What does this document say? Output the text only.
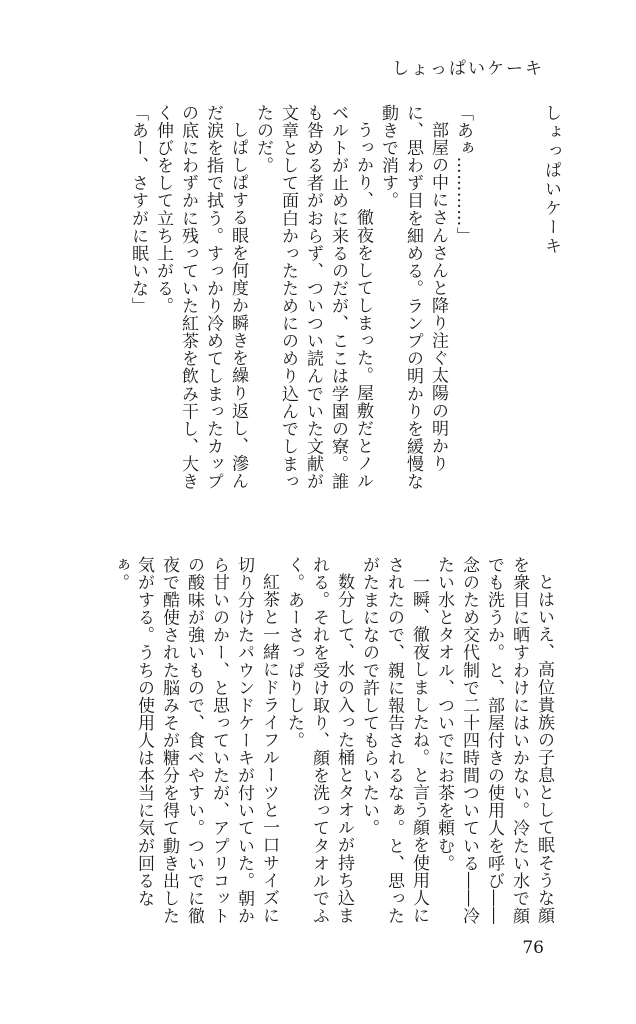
しょっぱいケーキ
しょっぱいケーキ

「あぁ…………」

部屋の中にさんさんと降り注ぐ太陽の明かりに、思わず目を細める。ランプの明かりを緩慢な動きで消す。

うっかり、徹夜をしてしまった。屋敷だとノルベルトが止めに来るのだが、ここは学園の寮。誰も咎める者がおらず、ついつい読んでいた文献が文章として面白かったためにのめり込んでしまったのだ。

しぱしぱする眼を何度か瞬きを繰り返し、滲んだ涙を指で拭う。すっかり冷めてしまったカップの底にわずかに残っていた紅茶を飲み干し、大きく伸びをして立ち上がる。

「あー、さすがに眠いな」

とはいえ、高位貴族の子息として眠そうな顔を衆目に晒すわけにはいかない。冷たい水で顔でも洗うか。と、部屋付きの使用人を呼び――念のため交代制で二十四時間ついている――冷たい水とタオル、ついでにお茶を頼む。

一瞬、徹夜しましたね。と言う顔を使用人にされたので、親に報告されるなぁ。と、思ったがたまになので許してもらいたい。

数分して、水の入った桶とタオルが持ち込まれる。それを受け取り、顔を洗ってタオルでふく。あーさっぱりした。

紅茶と一緒にドライフルーツと一口サイズに切り分けたパウンドケーキが付いていた。朝から甘いのかー、と思っていたが、アプリコットの酸味が強いもので、食べやすい。ついでに徹夜で酷使された脳みそが糖分を得て動き出した気がする。うちの使用人は本当に気が回るなぁ。

76
